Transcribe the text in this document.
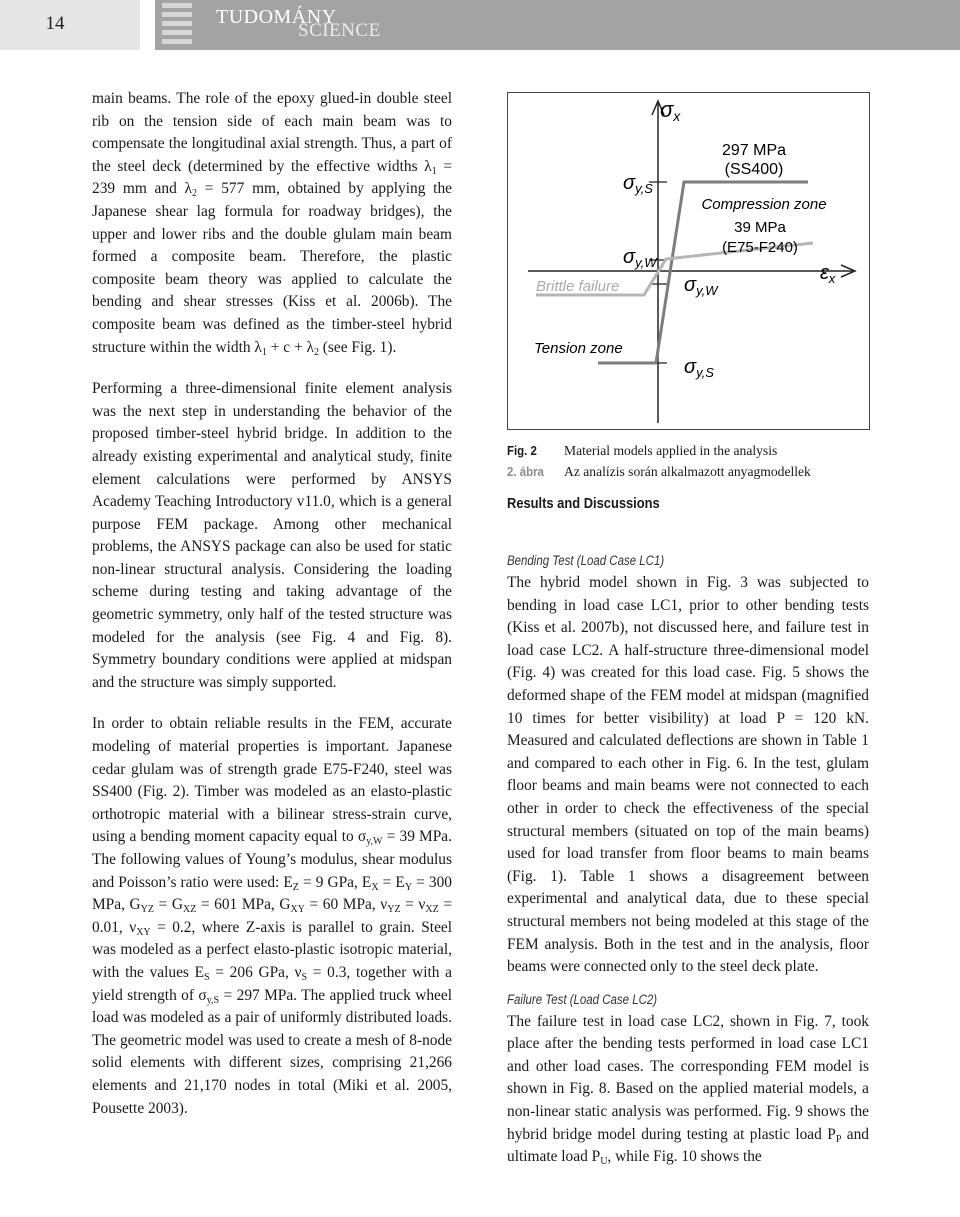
14	TUDOMÁNY
SCIENCE

main beams. The role of the epoxy glued-in double steel rib on the tension side of each main beam was to compensate the longitudinal axial strength. Thus, a part of the steel deck (determined by the effective widths $\lambda_1 = 239$ mm and $\lambda_2 = 577$ mm, obtained by applying the Japanese shear lag formula for roadway bridges), the upper and lower ribs and the double glulam main beam formed a composite beam. Therefore, the plastic composite beam theory was applied to calculate the bending and shear stresses (Kiss et al. 2006b). The composite beam was defined as the timber-steel hybrid structure within the width $\lambda_1 + c + \lambda_2$ (see Fig. 1).

Performing a three-dimensional finite element analysis was the next step in understanding the behavior of the proposed timber-steel hybrid bridge. In addition to the already existing experimental and analytical study, finite element calculations were performed by ANSYS Academy Teaching Introductory v11.0, which is a general purpose FEM package. Among other mechanical problems, the ANSYS package can also be used for static non-linear structural analysis. Considering the loading scheme during testing and taking advantage of the geometric symmetry, only half of the tested structure was modeled for the analysis (see Fig. 4 and Fig. 8). Symmetry boundary conditions were applied at midspan and the structure was simply supported.

In order to obtain reliable results in the FEM, accurate modeling of material properties is important. Japanese cedar glulam was of strength grade E75-F240, steel was SS400 (Fig. 2). Timber was modeled as an elasto-plastic orthotropic material with a bilinear stress-strain curve, using a bending moment capacity equal to $\sigma_{y,W} = 39$ MPa. The following values of Young’s modulus, shear modulus and Poisson’s ratio were used: $E_Z = 9$ GPa, $E_X = E_Y = 300$ MPa, $G_{YZ} = G_{XZ} = 601$ MPa, $G_{XY} = 60$ MPa, $\nu_{YZ} = \nu_{XZ} = 0.01$, $\nu_{XY} = 0.2$, where Z-axis is parallel to grain. Steel was modeled as a perfect elasto-plastic isotropic material, with the values $E_S = 206$ GPa, $\nu_S = 0.3$, together with a yield strength of $\sigma_{y,S} = 297$ MPa. The applied truck wheel load was modeled as a pair of uniformly distributed loads. The geometric model was used to create a mesh of 8-node solid elements with different sizes, comprising 21,266 elements and 21,170 nodes in total (Miki et al. 2005, Pousette 2003).

σx
$\sigma_{y,S}$
$\sigma_{y,W}$
$\sigma_{y,W}$
$\sigma_{y,S}$
$\varepsilon_x$
297 MPa
(SS400)
Compression zone
39 MPa
(E75-F240)
Brittle failure
Tension zone
Fig. 2 Material models applied in the analysis
2. ábra Az analízis során alkalmazott anyagmodellek
Results and Discussions
Bending Test (Load Case LC1)

The hybrid model shown in Fig. 3 was subjected to bending in load case LC1, prior to other bending tests (Kiss et al. 2007b), not discussed here, and failure test in load case LC2. A half-structure three-dimensional model (Fig. 4) was created for this load case. Fig. 5 shows the deformed shape of the FEM model at midspan (magnified 10 times for better visibility) at load P = 120 kN. Measured and calculated deflections are shown in Table 1 and compared to each other in Fig. 6. In the test, glulam floor beams and main beams were not connected to each other in order to check the effectiveness of the special structural members (situated on top of the main beams) used for load transfer from floor beams to main beams (Fig. 1). Table 1 shows a disagreement between experimental and analytical data, due to these special structural members not being modeled at this stage of the FEM analysis. Both in the test and in the analysis, floor beams were connected only to the steel deck plate.

Failure Test (Load Case LC2)

The failure test in load case LC2, shown in Fig. 7, took place after the bending tests performed in load case LC1 and other load cases. The corresponding FEM model is shown in Fig. 8. Based on the applied material models, a non-linear static analysis was performed. Fig. 9 shows the hybrid bridge model during testing at plastic load $P_P$ and ultimate load $P_U$, while Fig. 10 shows the
